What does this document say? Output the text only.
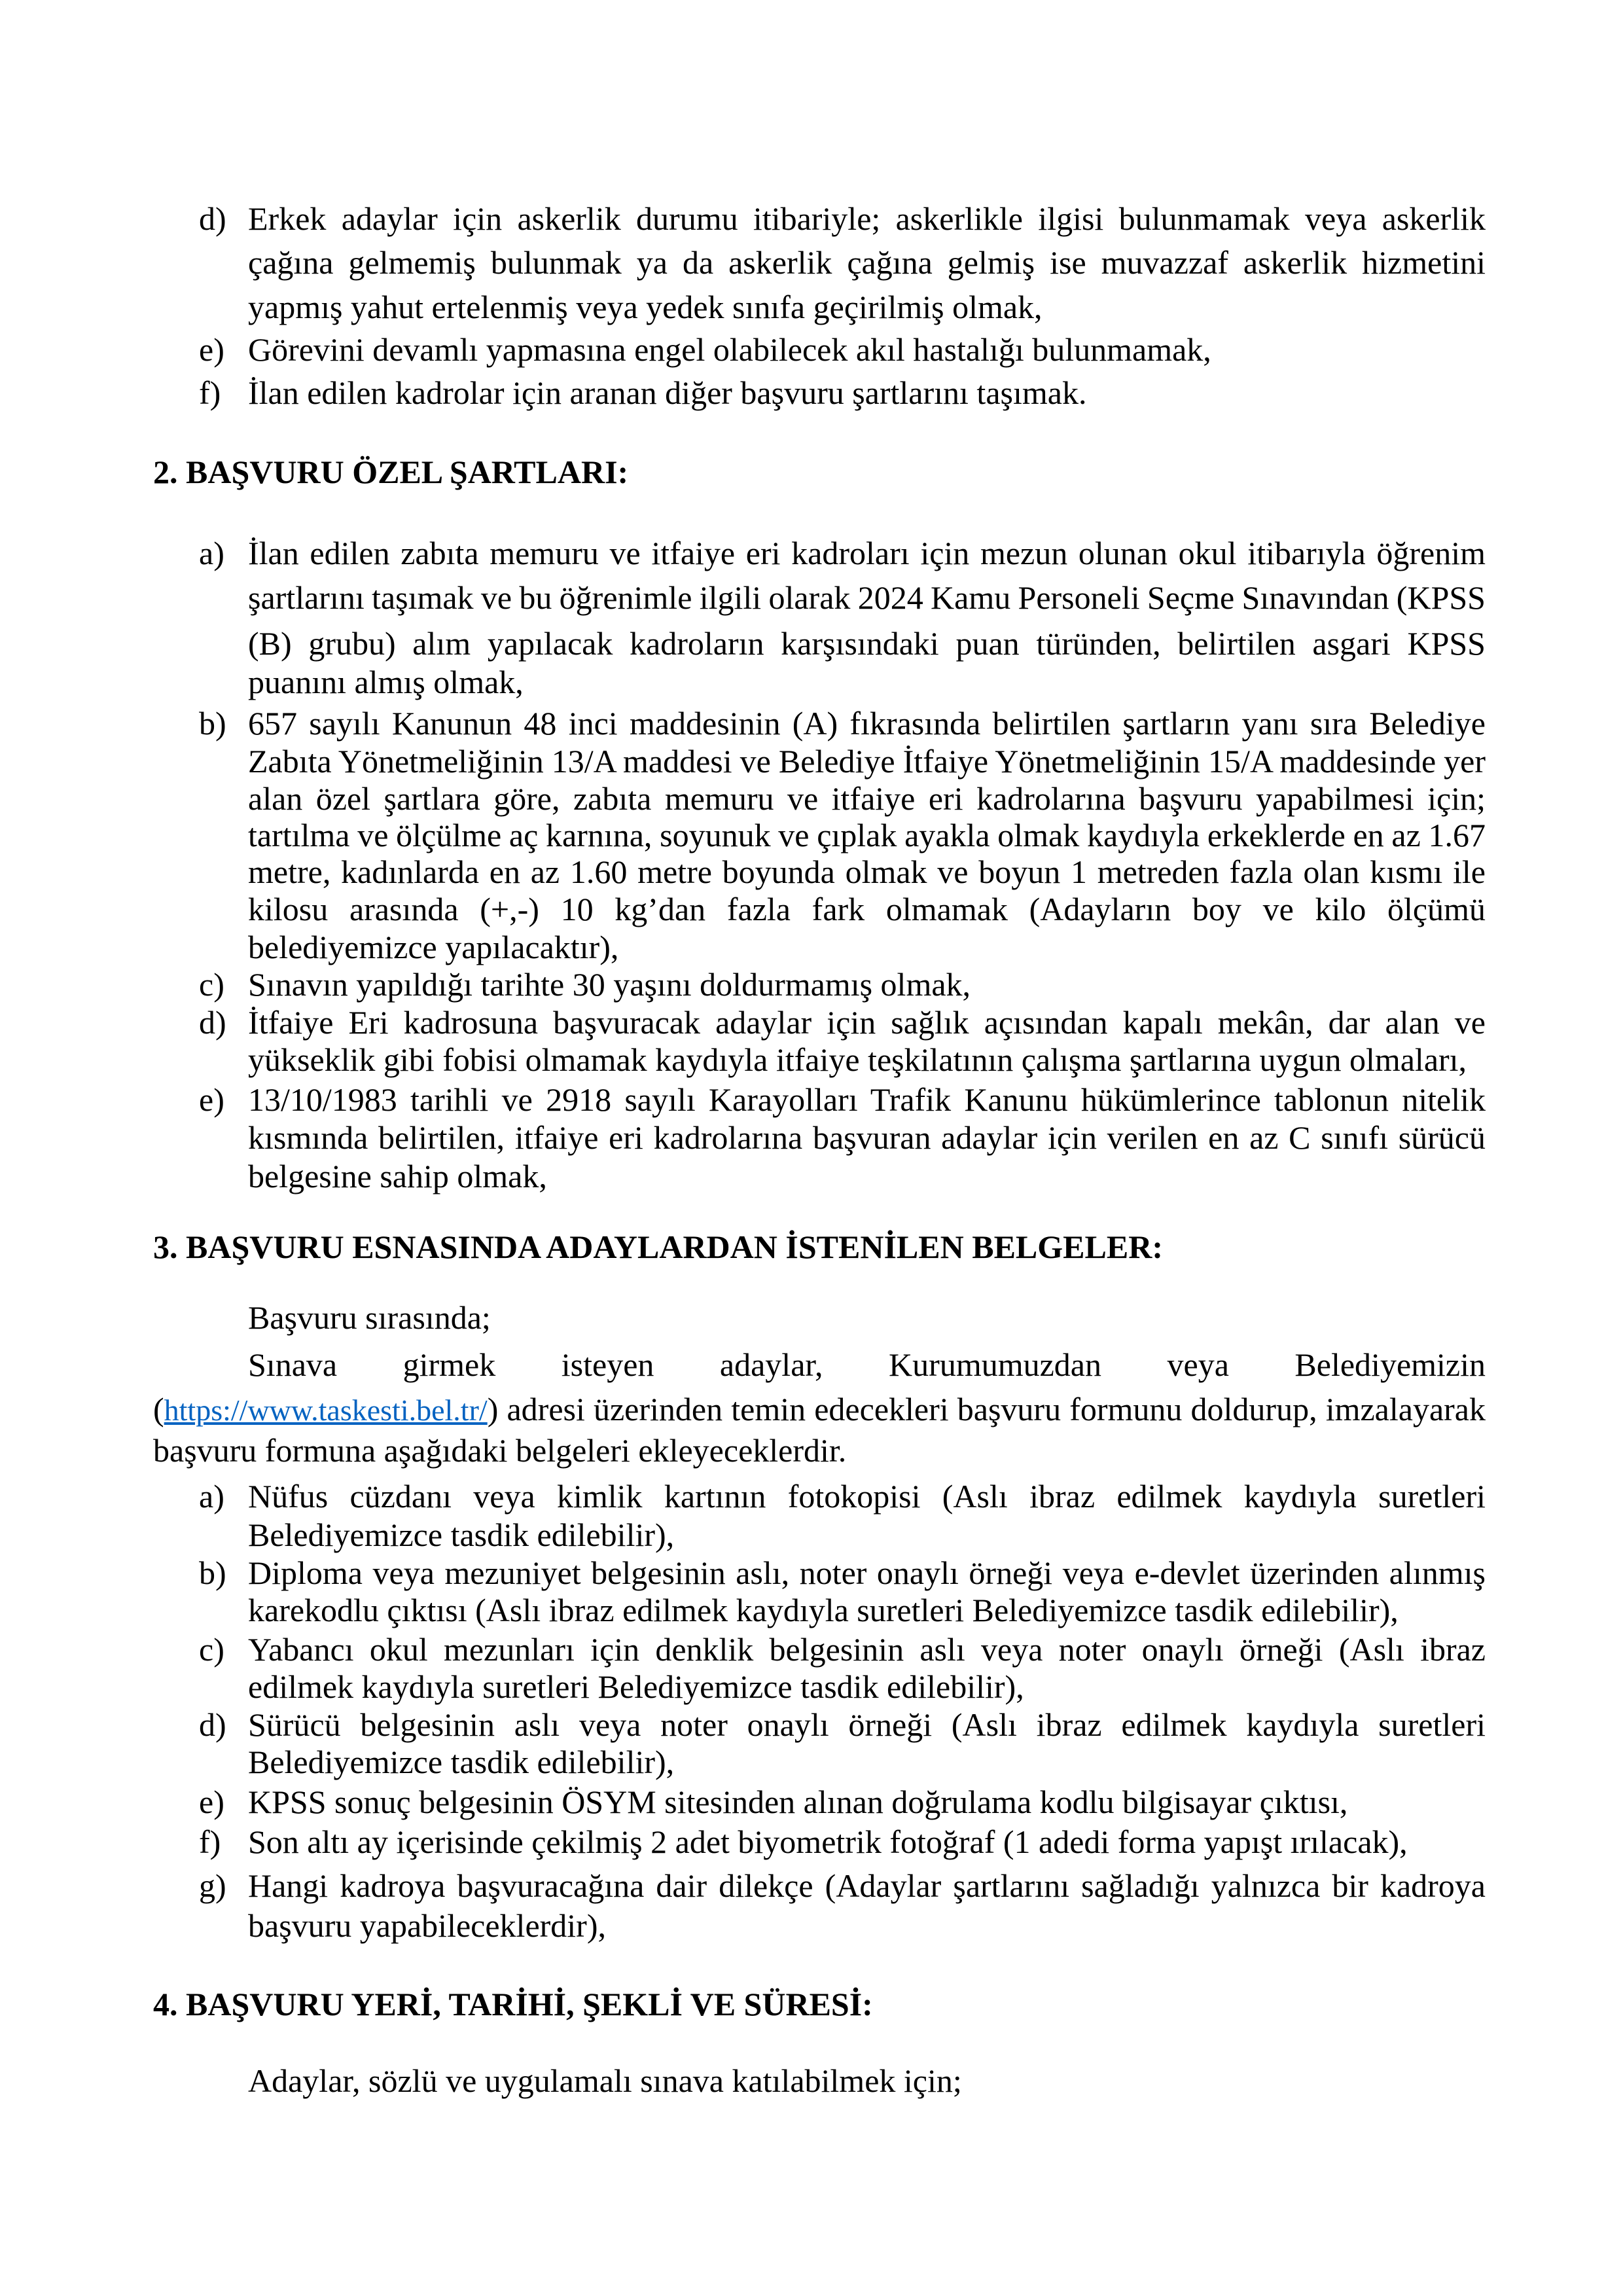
d) Erkek adaylar için askerlik durumu itibariyle; askerlikle ilgisi bulunmamak veya askerlik
çağına gelmemiş bulunmak ya da askerlik çağına gelmiş ise muvazzaf askerlik hizmetini
yapmış yahut ertelenmiş veya yedek sınıfa geçirilmiş olmak,
e) Görevini devamlı yapmasına engel olabilecek akıl hastalığı bulunmamak,
f) İlan edilen kadrolar için aranan diğer başvuru şartlarını taşımak.
2. BAŞVURU ÖZEL ŞARTLARI:
a) İlan edilen zabıta memuru ve itfaiye eri kadroları için mezun olunan okul itibarıyla öğrenim
şartlarını taşımak ve bu öğrenimle ilgili olarak 2024 Kamu Personeli Seçme Sınavından (KPSS
(B) grubu) alım yapılacak kadroların karşısındaki puan türünden, belirtilen asgari KPSS
puanını almış olmak,
b) 657 sayılı Kanunun 48 inci maddesinin (A) fıkrasında belirtilen şartların yanı sıra Belediye
Zabıta Yönetmeliğinin 13/A maddesi ve Belediye İtfaiye Yönetmeliğinin 15/A maddesinde yer
alan özel şartlara göre, zabıta memuru ve itfaiye eri kadrolarına başvuru yapabilmesi için;
tartılma ve ölçülme aç karnına, soyunuk ve çıplak ayakla olmak kaydıyla erkeklerde en az 1.67
metre, kadınlarda en az 1.60 metre boyunda olmak ve boyun 1 metreden fazla olan kısmı ile
kilosu arasında (+,-) 10 kg’dan fazla fark olmamak (Adayların boy ve kilo ölçümü
belediyemizce yapılacaktır),
c) Sınavın yapıldığı tarihte 30 yaşını doldurmamış olmak,
d) İtfaiye Eri kadrosuna başvuracak adaylar için sağlık açısından kapalı mekân, dar alan ve
yükseklik gibi fobisi olmamak kaydıyla itfaiye teşkilatının çalışma şartlarına uygun olmaları,
e) 13/10/1983 tarihli ve 2918 sayılı Karayolları Trafik Kanunu hükümlerince tablonun nitelik
kısmında belirtilen, itfaiye eri kadrolarına başvuran adaylar için verilen en az C sınıfı sürücü
belgesine sahip olmak,
3. BAŞVURU ESNASINDA ADAYLARDAN İSTENİLEN BELGELER:
Başvuru sırasında;
Sınava girmek isteyen adaylar, Kurumumuzdan veya Belediyemizin
(https://www.taskesti.bel.tr/) adresi üzerinden temin edecekleri başvuru formunu doldurup, imzalayarak
başvuru formuna aşağıdaki belgeleri ekleyeceklerdir.
a) Nüfus cüzdanı veya kimlik kartının fotokopisi (Aslı ibraz edilmek kaydıyla suretleri
Belediyemizce tasdik edilebilir),
b) Diploma veya mezuniyet belgesinin aslı, noter onaylı örneği veya e-devlet üzerinden alınmış
karekodlu çıktısı (Aslı ibraz edilmek kaydıyla suretleri Belediyemizce tasdik edilebilir),
c) Yabancı okul mezunları için denklik belgesinin aslı veya noter onaylı örneği (Aslı ibraz
edilmek kaydıyla suretleri Belediyemizce tasdik edilebilir),
d) Sürücü belgesinin aslı veya noter onaylı örneği (Aslı ibraz edilmek kaydıyla suretleri
Belediyemizce tasdik edilebilir),
e) KPSS sonuç belgesinin ÖSYM sitesinden alınan doğrulama kodlu bilgisayar çıktısı,
f) Son altı ay içerisinde çekilmiş 2 adet biyometrik fotoğraf (1 adedi forma yapışt ırılacak),
g) Hangi kadroya başvuracağına dair dilekçe (Adaylar şartlarını sağladığı yalnızca bir kadroya
başvuru yapabileceklerdir),
4. BAŞVURU YERİ, TARİHİ, ŞEKLİ VE SÜRESİ:
Adaylar, sözlü ve uygulamalı sınava katılabilmek için;
